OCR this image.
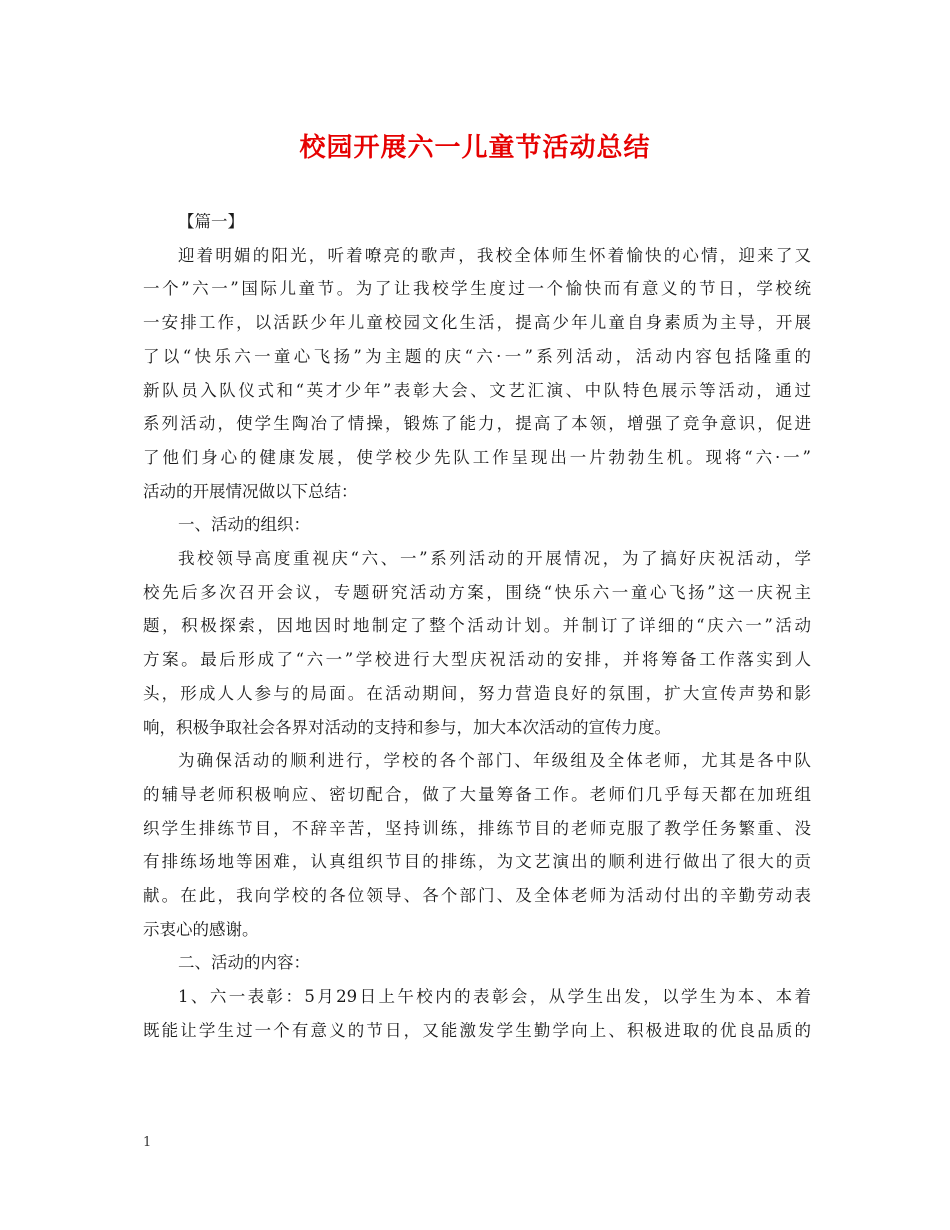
校园开展六一儿童节活动总结

【篇一】

迎着明媚的阳光，听着嘹亮的歌声，我校全体师生怀着愉快的心情，迎来了又
一个”六一”国际儿童节。为了让我校学生度过一个愉快而有意义的节日，学校统
一安排工作，以活跃少年儿童校园文化生活，提高少年儿童自身素质为主导，开展
了以“快乐六一童心飞扬”为主题的庆“六·一”系列活动，活动内容包括隆重的
新队员入队仪式和“英才少年”表彰大会、文艺汇演、中队特色展示等活动，通过
系列活动，使学生陶冶了情操，锻炼了能力，提高了本领，增强了竞争意识，促进
了他们身心的健康发展，使学校少先队工作呈现出一片勃勃生机。现将“六·一”
活动的开展情况做以下总结：

一、活动的组织：

我校领导高度重视庆“六、一”系列活动的开展情况，为了搞好庆祝活动，学
校先后多次召开会议，专题研究活动方案，围绕“快乐六一童心飞扬”这一庆祝主
题，积极探索，因地因时地制定了整个活动计划。并制订了详细的“庆六一”活动
方案。最后形成了“六一”学校进行大型庆祝活动的安排，并将筹备工作落实到人
头，形成人人参与的局面。在活动期间，努力营造良好的氛围，扩大宣传声势和影
响，积极争取社会各界对活动的支持和参与，加大本次活动的宣传力度。

为确保活动的顺利进行，学校的各个部门、年级组及全体老师，尤其是各中队
的辅导老师积极响应、密切配合，做了大量筹备工作。老师们几乎每天都在加班组
织学生排练节目，不辞辛苦，坚持训练，排练节目的老师克服了教学任务繁重、没
有排练场地等困难，认真组织节目的排练，为文艺演出的顺利进行做出了很大的贡
献。在此，我向学校的各位领导、各个部门、及全体老师为活动付出的辛勤劳动表
示衷心的感谢。

二、活动的内容：

1、六一表彰：5月29日上午校内的表彰会，从学生出发，以学生为本、本着
既能让学生过一个有意义的节日，又能激发学生勤学向上、积极进取的优良品质的

1
